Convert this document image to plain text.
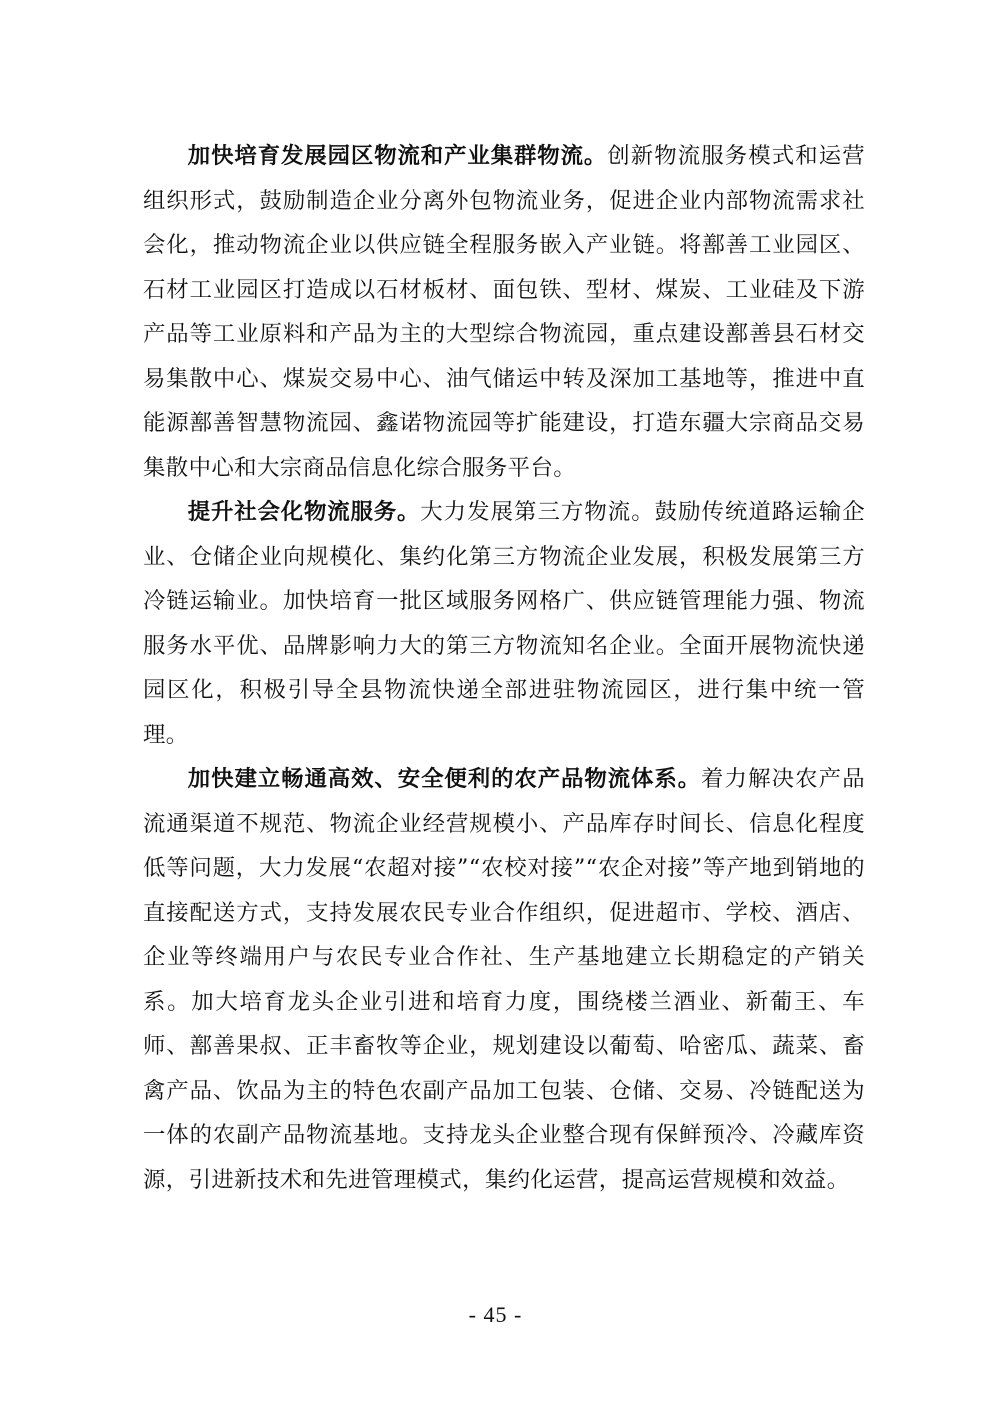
加快培育发展园区物流和产业集群物流。创新物流服务模式和运营组织形式，鼓励制造企业分离外包物流业务，促进企业内部物流需求社会化，推动物流企业以供应链全程服务嵌入产业链。将鄯善工业园区、石材工业园区打造成以石材板材、面包铁、型材、煤炭、工业硅及下游产品等工业原料和产品为主的大型综合物流园，重点建设鄯善县石材交易集散中心、煤炭交易中心、油气储运中转及深加工基地等，推进中直能源鄯善智慧物流园、鑫诺物流园等扩能建设，打造东疆大宗商品交易集散中心和大宗商品信息化综合服务平台。

提升社会化物流服务。大力发展第三方物流。鼓励传统道路运输企业、仓储企业向规模化、集约化第三方物流企业发展，积极发展第三方冷链运输业。加快培育一批区域服务网格广、供应链管理能力强、物流服务水平优、品牌影响力大的第三方物流知名企业。全面开展物流快递园区化，积极引导全县物流快递全部进驻物流园区，进行集中统一管理。

加快建立畅通高效、安全便利的农产品物流体系。着力解决农产品流通渠道不规范、物流企业经营规模小、产品库存时间长、信息化程度低等问题，大力发展“农超对接”“农校对接”“农企对接”等产地到销地的直接配送方式，支持发展农民专业合作组织，促进超市、学校、酒店、企业等终端用户与农民专业合作社、生产基地建立长期稳定的产销关系。加大培育龙头企业引进和培育力度，围绕楼兰酒业、新葡王、车师、鄯善果叔、正丰畜牧等企业，规划建设以葡萄、哈密瓜、蔬菜、畜禽产品、饮品为主的特色农副产品加工包装、仓储、交易、冷链配送为一体的农副产品物流基地。支持龙头企业整合现有保鲜预冷、冷藏库资源，引进新技术和先进管理模式，集约化运营，提高运营规模和效益。

- 45 -
